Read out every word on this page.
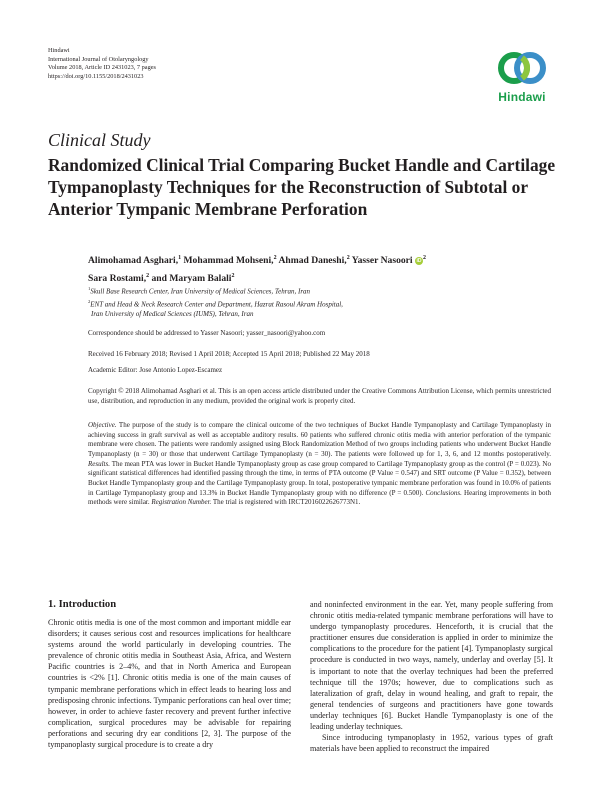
Hindawi
International Journal of Otolaryngology
Volume 2018, Article ID 2431023, 7 pages
https://doi.org/10.1155/2018/2431023
Hindawi
Clinical Study
Randomized Clinical Trial Comparing Bucket Handle and Cartilage Tympanoplasty Techniques for the Reconstruction of Subtotal or Anterior Tympanic Membrane Perforation
Alimohamad Asghari,$^1$ Mohammad Mohseni,$^2$ Ahmad Daneshi,$^2$ Yasser Nasoori $iD^2$
Sara Rostami,$^2$ and Maryam Balali$^2$
$^1$Skull Base Research Center, Iran University of Medical Sciences, Tehran, Iran
$^2$ENT and Head & Neck Research Center and Department, Hazrat Rasoul Akram Hospital,
Iran University of Medical Sciences (IUMS), Tehran, Iran
Correspondence should be addressed to Yasser Nasoori; yasser_nasoori@yahoo.com
Received 16 February 2018; Revised 1 April 2018; Accepted 15 April 2018; Published 22 May 2018
Academic Editor: Jose Antonio Lopez-Escamez
Copyright © 2018 Alimohamad Asghari et al. This is an open access article distributed under the Creative Commons Attribution License, which permits unrestricted use, distribution, and reproduction in any medium, provided the original work is properly cited.
Objective. The purpose of the study is to compare the clinical outcome of the two techniques of Bucket Handle Tympanoplasty and Cartilage Tympanoplasty in achieving success in graft survival as well as acceptable auditory results. 60 patients who suffered chronic otitis media with anterior perforation of the tympanic membrane were chosen. The patients were randomly assigned using Block Randomization Method of two groups including patients who underwent Bucket Handle Tympanoplasty (n = 30) or those that underwent Cartilage Tympanoplasty (n = 30). The patients were followed up for 1, 3, 6, and 12 months postoperatively. Results. The mean PTA was lower in Bucket Handle Tympanoplasty group as case group compared to Cartilage Tympanoplasty group as the control (P = 0.023). No significant statistical differences had identified passing through the time, in terms of PTA outcome (P Value = 0.547) and SRT outcome (P Value = 0.352), between Bucket Handle Tympanoplasty group and the Cartilage Tympanoplasty group. In total, postoperative tympanic membrane perforation was found in 10.0% of patients in Cartilage Tympanoplasty group and 13.3% in Bucket Handle Tympanoplasty group with no difference (P = 0.500). Conclusions. Hearing improvements in both methods were similar. Registration Number. The trial is registered with IRCT2016022626773N1.
1. Introduction

Chronic otitis media is one of the most common and important middle ear disorders; it causes serious cost and resources implications for healthcare systems around the world particularly in developing countries. The prevalence of chronic otitis media in Southeast Asia, Africa, and Western Pacific countries is 2–4%, and that in North America and European countries is <2% [1]. Chronic otitis media is one of the main causes of tympanic membrane perforations which in effect leads to hearing loss and predisposing chronic infections. Tympanic perforations can heal over time; however, in order to achieve faster recovery and prevent further infective complication, surgical procedures may be advisable for repairing perforations and securing dry ear conditions [2, 3]. The purpose of the tympanoplasty surgical procedure is to create a dry

and noninfected environment in the ear. Yet, many people suffering from chronic otitis media-related tympanic membrane perforations will have to undergo tympanoplasty procedures. Henceforth, it is crucial that the practitioner ensures due consideration is applied in order to minimize the complications to the procedure for the patient [4]. Tympanoplasty surgical procedure is conducted in two ways, namely, underlay and overlay [5]. It is important to note that the overlay techniques had been the preferred technique till the 1970s; however, due to complications such as lateralization of graft, delay in wound healing, and graft to repair, the general tendencies of surgeons and practitioners have gone towards underlay techniques [6]. Bucket Handle Tympanoplasty is one of the leading underlay techniques.

Since introducing tympanoplasty in 1952, various types of graft materials have been applied to reconstruct the impaired
